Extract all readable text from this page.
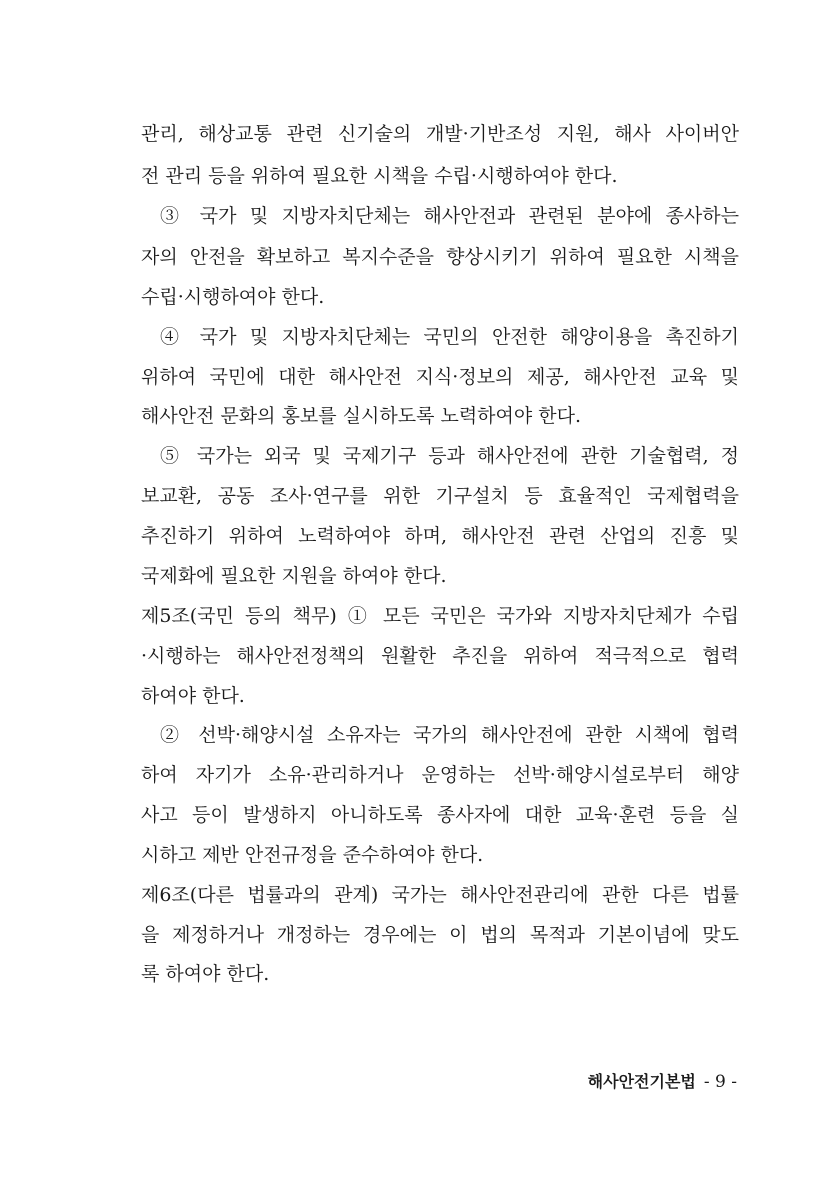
관리, 해상교통 관련 신기술의 개발·기반조성 지원, 해사 사이버안
전 관리 등을 위하여 필요한 시책을 수립·시행하여야 한다.
③ 국가 및 지방자치단체는 해사안전과 관련된 분야에 종사하는
자의 안전을 확보하고 복지수준을 향상시키기 위하여 필요한 시책을
수립·시행하여야 한다.
④ 국가 및 지방자치단체는 국민의 안전한 해양이용을 촉진하기
위하여 국민에 대한 해사안전 지식·정보의 제공, 해사안전 교육 및
해사안전 문화의 홍보를 실시하도록 노력하여야 한다.
⑤ 국가는 외국 및 국제기구 등과 해사안전에 관한 기술협력, 정
보교환, 공동 조사·연구를 위한 기구설치 등 효율적인 국제협력을
추진하기 위하여 노력하여야 하며, 해사안전 관련 산업의 진흥 및
국제화에 필요한 지원을 하여야 한다.
제5조(국민 등의 책무) ① 모든 국민은 국가와 지방자치단체가 수립
·시행하는 해사안전정책의 원활한 추진을 위하여 적극적으로 협력
하여야 한다.
② 선박·해양시설 소유자는 국가의 해사안전에 관한 시책에 협력
하여 자기가 소유·관리하거나 운영하는 선박·해양시설로부터 해양
사고 등이 발생하지 아니하도록 종사자에 대한 교육·훈련 등을 실
시하고 제반 안전규정을 준수하여야 한다.
제6조(다른 법률과의 관계) 국가는 해사안전관리에 관한 다른 법률
을 제정하거나 개정하는 경우에는 이 법의 목적과 기본이념에 맞도
록 하여야 한다.
해사안전기본법 - 9 -
